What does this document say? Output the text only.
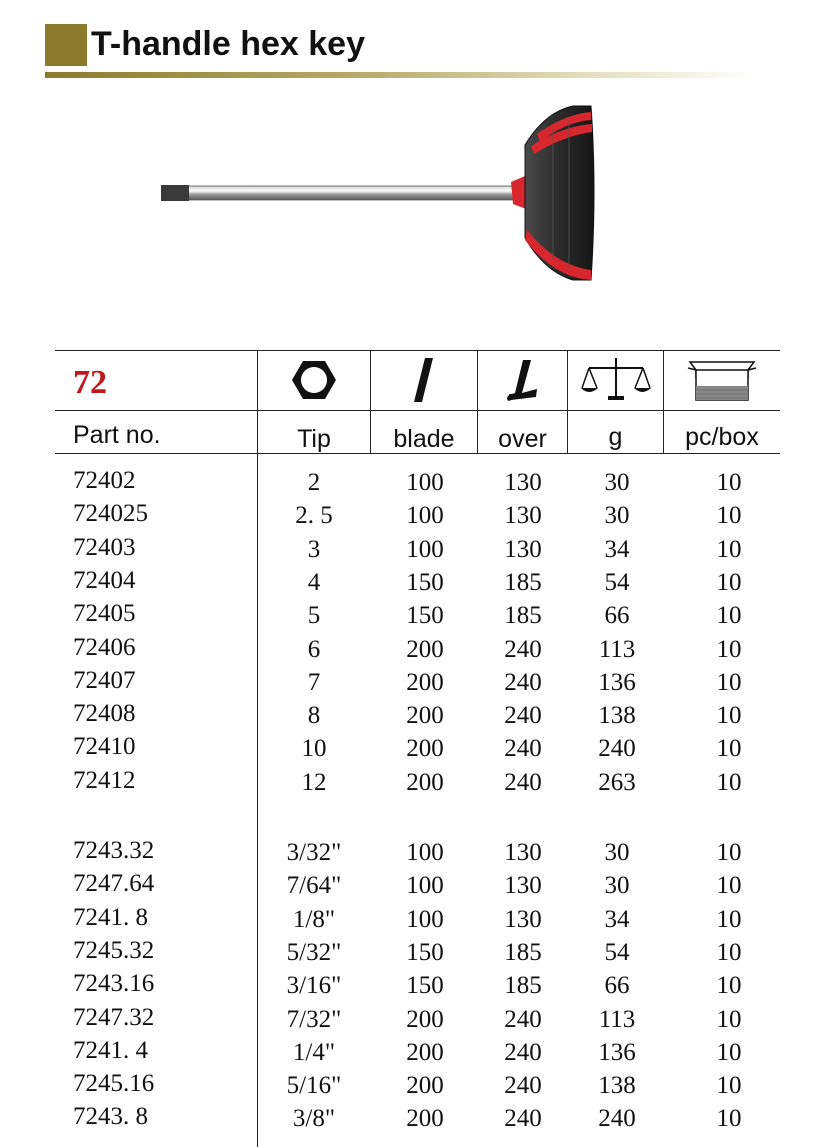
T-handle hex key
72
Part no.	Tip	blade	over	g	pc/box
72402	2	100	130	30	10
724025	2. 5	100	130	30	10
72403	3	100	130	34	10
72404	4	150	185	54	10
72405	5	150	185	66	10
72406	6	200	240	113	10
72407	7	200	240	136	10
72408	8	200	240	138	10
72410	10	200	240	240	10
72412	12	200	240	263	10
7243.32	3/32"	100	130	30	10
7247.64	7/64"	100	130	30	10
7241. 8	1/8"	100	130	34	10
7245.32	5/32"	150	185	54	10
7243.16	3/16"	150	185	66	10
7247.32	7/32"	200	240	113	10
7241. 4	1/4"	200	240	136	10
7245.16	5/16"	200	240	138	10
7243. 8	3/8"	200	240	240	10
